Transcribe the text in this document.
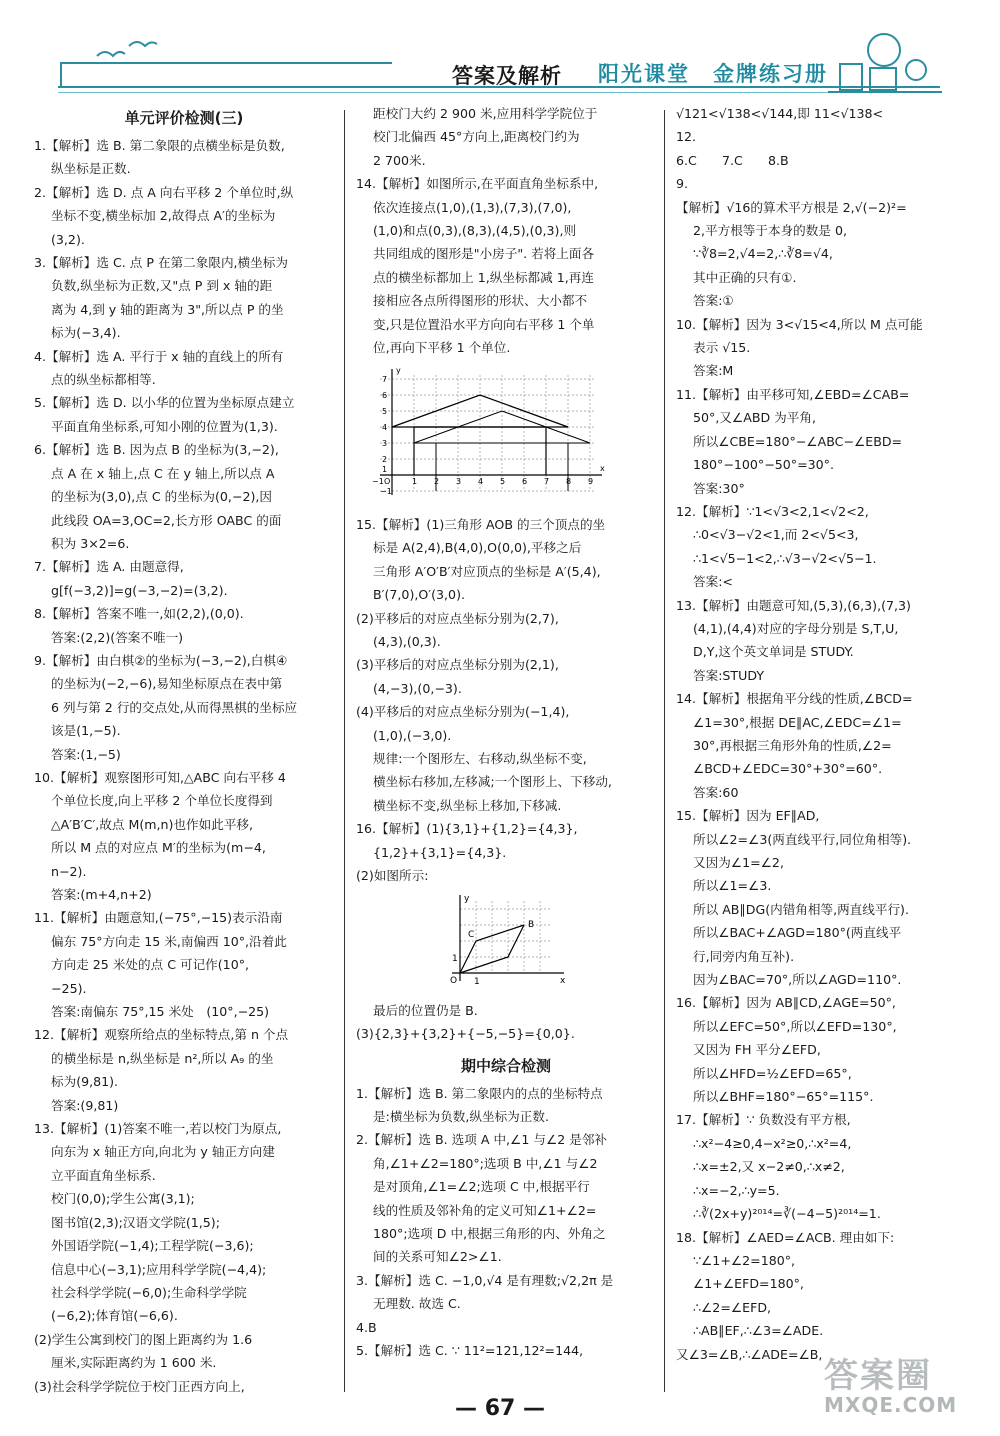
答案及解析 阳光课堂　金牌练习册
单元评价检测(三)

1.【解析】选 B. 第二象限的点横坐标是负数,

纵坐标是正数.

2.【解析】选 D. 点 A 向右平移 2 个单位时,纵

坐标不变,横坐标加 2,故得点 A′的坐标为

(3,2).

3.【解析】选 C. 点 P 在第二象限内,横坐标为

负数,纵坐标为正数,又"点 P 到 x 轴的距

离为 4,到 y 轴的距离为 3",所以点 P 的坐

标为(−3,4).

4.【解析】选 A. 平行于 x 轴的直线上的所有

点的纵坐标都相等.

5.【解析】选 D. 以小华的位置为坐标原点建立

平面直角坐标系,可知小刚的位置为(1,3).

6.【解析】选 B. 因为点 B 的坐标为(3,−2),

点 A 在 x 轴上,点 C 在 y 轴上,所以点 A

的坐标为(3,0),点 C 的坐标为(0,−2),因

此线段 OA=3,OC=2,长方形 OABC 的面

积为 3×2=6.

7.【解析】选 A. 由题意得,

g[f(−3,2)]=g(−3,−2)=(3,2).

8.【解析】答案不唯一,如(2,2),(0,0).

答案:(2,2)(答案不唯一)

9.【解析】由白棋②的坐标为(−3,−2),白棋④

的坐标为(−2,−6),易知坐标原点在表中第

6 列与第 2 行的交点处,从而得黑棋的坐标应

该是(1,−5).

答案:(1,−5)

10.【解析】观察图形可知,△ABC 向右平移 4

个单位长度,向上平移 2 个单位长度得到

△A′B′C′,故点 M(m,n)也作如此平移,

所以 M 点的对应点 M′的坐标为(m−4,

n−2).

答案:(m+4,n+2)

11.【解析】由题意知,(−75°,−15)表示沿南

偏东 75°方向走 15 米,南偏西 10°,沿着此

方向走 25 米处的点 C 可记作(10°,

−25).

答案:南偏东 75°,15 米处　(10°,−25)

12.【解析】观察所给点的坐标特点,第 n 个点

的横坐标是 n,纵坐标是 n²,所以 A₉ 的坐

标为(9,81).

答案:(9,81)

13.【解析】(1)答案不唯一,若以校门为原点,

向东为 x 轴正方向,向北为 y 轴正方向建

立平面直角坐标系.

校门(0,0);学生公寓(3,1);

图书馆(2,3);汉语文学院(1,5);

外国语学院(−1,4);工程学院(−3,6);

信息中心(−3,1);应用科学学院(−4,4);

社会科学学院(−6,0);生命科学学院

(−6,2);体育馆(−6,6).

(2)学生公寓到校门的图上距离约为 1.6

厘米,实际距离约为 1 600 米.

(3)社会科学学院位于校门正西方向上,

距校门大约 2 900 米,应用科学学院位于

校门北偏西 45°方向上,距离校门约为

2 700米.

14.【解析】如图所示,在平面直角坐标系中,

依次连接点(1,0),(1,3),(7,3),(7,0),

(1,0)和点(0,3),(8,3),(4,5),(0,3),则

共同组成的图形是"小房子". 若将上面各

点的横坐标都加上 1,纵坐标都减 1,再连

接相应各点所得图形的形状、大小都不

变,只是位置沿水平方向向右平移 1 个单

位,再向下平移 1 个单位.

y
x
7
6
5
4
3
2
1
−1
−1 O	1 2 3 4 5 6 7 8 9

15.【解析】(1)三角形 AOB 的三个顶点的坐

标是 A(2,4),B(4,0),O(0,0),平移之后

三角形 A′O′B′对应顶点的坐标是 A′(5,4),

B′(7,0),O′(3,0).

(2)平移后的对应点坐标分别为(2,7),

(4,3),(0,3).

(3)平移后的对应点坐标分别为(2,1),

(4,−3),(0,−3).

(4)平移后的对应点坐标分别为(−1,4),

(1,0),(−3,0).

规律:一个图形左、右移动,纵坐标不变,

横坐标右移加,左移减;一个图形上、下移动,

横坐标不变,纵坐标上移加,下移减.

16.【解析】(1){3,1}+{1,2}={4,3},

{1,2}+{3,1}={4,3}.

(2)如图所示:

y
C
B
1
O 1	x

最后的位置仍是 B.

(3){2,3}+{3,2}+{−5,−5}={0,0}.

期中综合检测

1.【解析】选 B. 第二象限内的点的坐标特点

是:横坐标为负数,纵坐标为正数.

2.【解析】选 B. 选项 A 中,∠1 与∠2 是邻补

角,∠1+∠2=180°;选项 B 中,∠1 与∠2

是对顶角,∠1=∠2;选项 C 中,根据平行

线的性质及邻补角的定义可知∠1+∠2=

180°;选项 D 中,根据三角形的内、外角之

间的关系可知∠2>∠1.

3.【解析】选 C. −1,0,√4 是有理数;√2,2π 是

无理数. 故选 C.

4.B

5.【解析】选 C. ∵ 11²=121,12²=144,

√121<√138<√144,即 11<√138<

12.

6.C　　7.C　　8.B

9.

【解析】√16的算术平方根是 2,√(−2)²=

2,平方根等于本身的数是 0,

∵∛8=2,√4=2,∴∛8=√4,

其中正确的只有①.

答案:①

10.【解析】因为 3<√15<4,所以 M 点可能

表示 √15.

答案:M

11.【解析】由平移可知,∠EBD=∠CAB=

50°,又∠ABD 为平角,

所以∠CBE=180°−∠ABC−∠EBD=

180°−100°−50°=30°.

答案:30°

12.【解析】∵1<√3<2,1<√2<2,

∴0<√3−√2<1,而 2<√5<3,

∴1<√5−1<2,∴√3−√2<√5−1.

答案:<

13.【解析】由题意可知,(5,3),(6,3),(7,3)

(4,1),(4,4)对应的字母分别是 S,T,U,

D,Y,这个英文单词是 STUDY.

答案:STUDY

14.【解析】根据角平分线的性质,∠BCD=

∠1=30°,根据 DE∥AC,∠EDC=∠1=

30°,再根据三角形外角的性质,∠2=

∠BCD+∠EDC=30°+30°=60°.

答案:60

15.【解析】因为 EF∥AD,

所以∠2=∠3(两直线平行,同位角相等).

又因为∠1=∠2,

所以∠1=∠3.

所以 AB∥DG(内错角相等,两直线平行).

所以∠BAC+∠AGD=180°(两直线平

行,同旁内角互补).

因为∠BAC=70°,所以∠AGD=110°.

16.【解析】因为 AB∥CD,∠AGE=50°,

所以∠EFC=50°,所以∠EFD=130°,

又因为 FH 平分∠EFD,

所以∠HFD=½∠EFD=65°,

所以∠BHF=180°−65°=115°.

17.【解析】∵ 负数没有平方根,

∴x²−4≥0,4−x²≥0,∴x²=4,

∴x=±2,又 x−2≠0,∴x≠2,

∴x=−2,∴y=5.

∴∛(2x+y)²⁰¹⁴=∛(−4−5)²⁰¹⁴=1.

18.【解析】∠AED=∠ACB. 理由如下:

∵∠1+∠2=180°,

∠1+∠EFD=180°,

∴∠2=∠EFD,

∴AB∥EF,∴∠3=∠ADE.

又∠3=∠B,∴∠ADE=∠B,

— 67 —
答案圈
MXQE.COM
